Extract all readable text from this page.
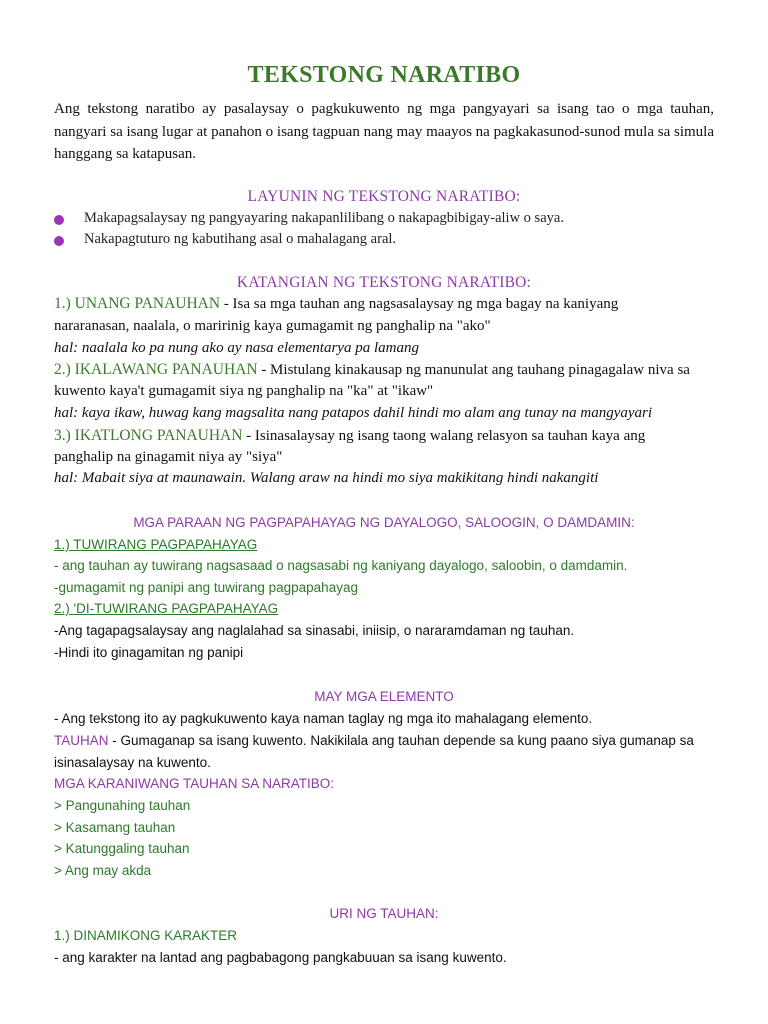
TEKSTONG NARATIBO
Ang tekstong naratibo ay pasalaysay o pagkukuwento ng mga pangyayari sa isang tao o mga tauhan, nangyari sa isang lugar at panahon o isang tagpuan nang may maayos na pagkakasunod-sunod mula sa simula hanggang sa katapusan.
LAYUNIN NG TEKSTONG NARATIBO:
Makapagsalaysay ng pangyayaring nakapanlilibang o nakapagbibigay-aliw o saya.
Nakapagtuturo ng kabutihang asal o mahalagang aral.
KATANGIAN NG TEKSTONG NARATIBO:
1.) UNANG PANAUHAN - Isa sa mga tauhan ang nagsasalaysay ng mga bagay na kaniyang
nararanasan, naalala, o maririnig kaya gumagamit ng panghalip na "ako"
hal: naalala ko pa nung ako ay nasa elementarya pa lamang
2.) IKALAWANG PANAUHAN - Mistulang kinakausap ng manunulat ang tauhang pinagagalaw niva sa
kuwento kaya't gumagamit siya ng panghalip na "ka" at "ikaw"
hal: kaya ikaw, huwag kang magsalita nang patapos dahil hindi mo alam ang tunay na mangyayari
3.) IKATLONG PANAUHAN - Isinasalaysay ng isang taong walang relasyon sa tauhan kaya ang
panghalip na ginagamit niya ay "siya"
hal: Mabait siya at maunawain. Walang araw na hindi mo siya makikitang hindi nakangiti
MGA PARAAN NG PAGPAPAHAYAG NG DAYALOGO, SALOOGIN, O DAMDAMIN:
1.) TUWIRANG PAGPAPAHAYAG
- ang tauhan ay tuwirang nagsasaad o nagsasabi ng kaniyang dayalogo, saloobin, o damdamin.
-gumagamit ng panipi ang tuwirang pagpapahayag
2.) 'DI-TUWIRANG PAGPAPAHAYAG
-Ang tagapagsalaysay ang naglalahad sa sinasabi, iniisip, o nararamdaman ng tauhan.
-Hindi ito ginagamitan ng panipi
MAY MGA ELEMENTO
- Ang tekstong ito ay pagkukuwento kaya naman taglay ng mga ito mahalagang elemento.
TAUHAN - Gumaganap sa isang kuwento. Nakikilala ang tauhan depende sa kung paano siya gumanap sa
isinasalaysay na kuwento.
MGA KARANIWANG TAUHAN SA NARATIBO:
> Pangunahing tauhan
> Kasamang tauhan
> Katunggaling tauhan
> Ang may akda
URI NG TAUHAN:
1.) DINAMIKONG KARAKTER
- ang karakter na lantad ang pagbabagong pangkabuuan sa isang kuwento.
